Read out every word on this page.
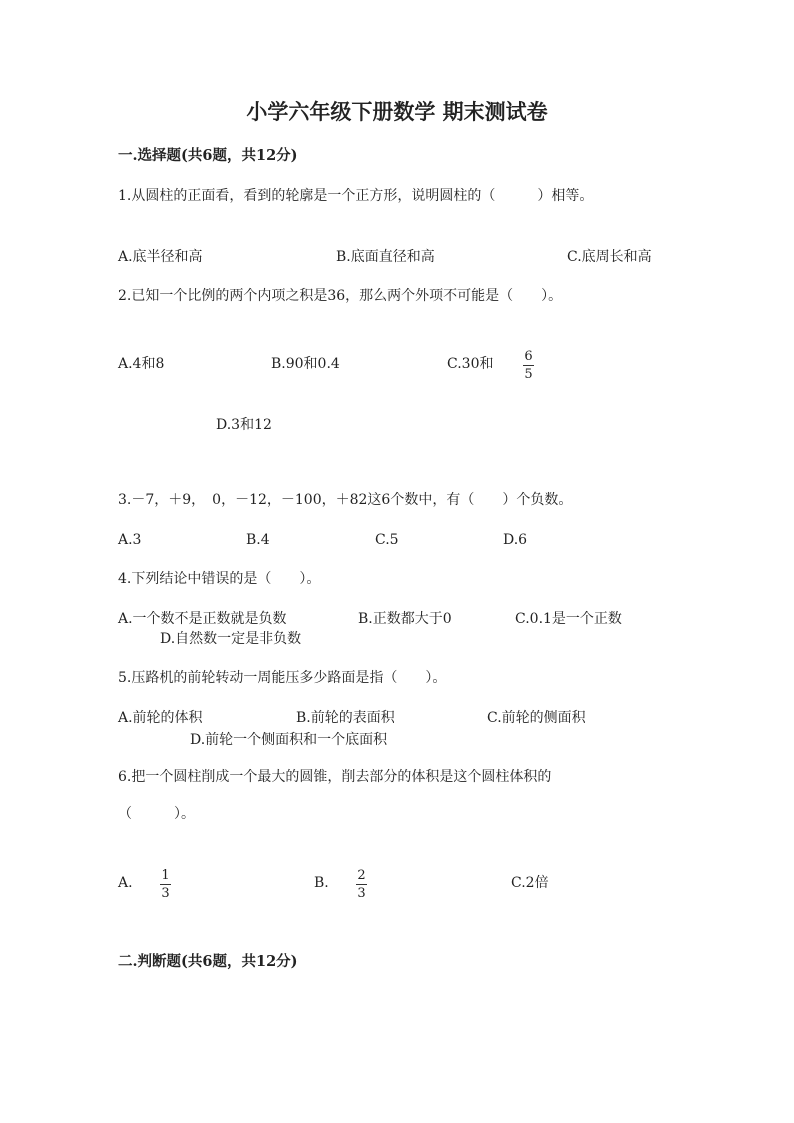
小学六年级下册数学 期末测试卷
一.选择题(共6题，共12分)
1.从圆柱的正面看，看到的轮廓是一个正方形，说明圆柱的（　　　）相等。
A.底半径和高	B.底面直径和高	C.底周长和高
2.已知一个比例的两个内项之积是36，那么两个外项不可能是（　　）。
A.4和8	B.90和0.4	C.30和 6
5
D.3和12
3.－7，＋9，　0，－12，－100，＋82这6个数中，有（　　）个负数。
A.3	B.4	C.5	D.6
4.下列结论中错误的是（　　）。
A.一个数不是正数就是负数	B.正数都大于0	C.0.1是一个正数
D.自然数一定是非负数
5.压路机的前轮转动一周能压多少路面是指（　　）。
A.前轮的体积	B.前轮的表面积	C.前轮的侧面积
D.前轮一个侧面积和一个底面积
6.把一个圆柱削成一个最大的圆锥，削去部分的体积是这个圆柱体积的
（　　　）。
A. 1
3
B. 2
3
C.2倍
二.判断题(共6题，共12分)
